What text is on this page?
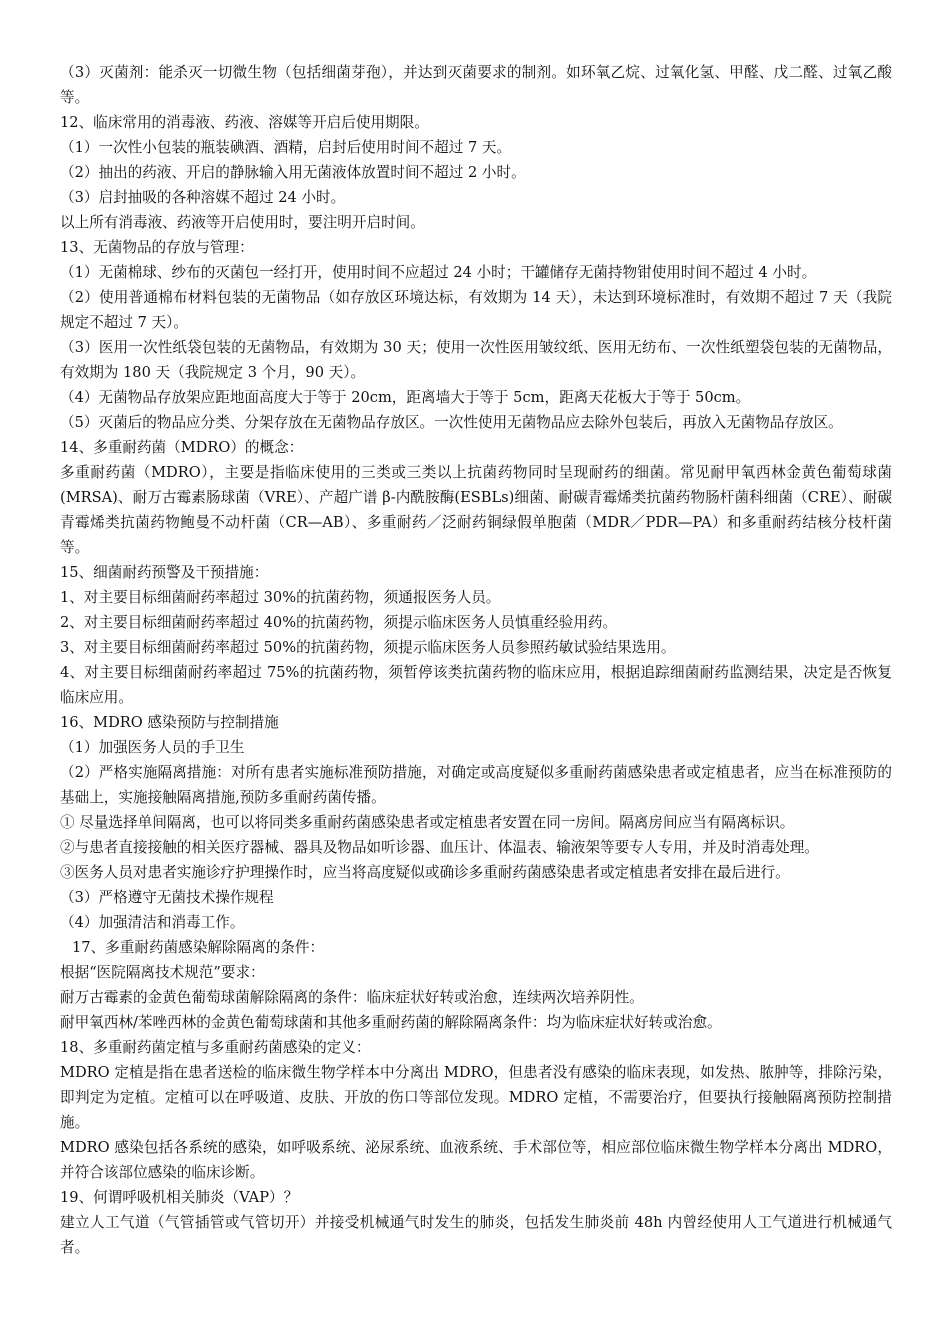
（3）灭菌剂：能杀灭一切微生物（包括细菌芽孢），并达到灭菌要求的制剂。如环氧乙烷、过氧化氢、甲醛、戊二醛、过氧乙酸等。

12、临床常用的消毒液、药液、溶媒等开启后使用期限。

（1）一次性小包装的瓶装碘酒、酒精，启封后使用时间不超过 7 天。

（2）抽出的药液、开启的静脉输入用无菌液体放置时间不超过 2 小时。

（3）启封抽吸的各种溶媒不超过 24 小时。

以上所有消毒液、药液等开启使用时，要注明开启时间。

13、无菌物品的存放与管理：

（1）无菌棉球、纱布的灭菌包一经打开，使用时间不应超过 24 小时；干罐储存无菌持物钳使用时间不超过 4 小时。

（2）使用普通棉布材料包装的无菌物品（如存放区环境达标，有效期为 14 天），未达到环境标准时，有效期不超过 7 天（我院规定不超过 7 天）。

（3）医用一次性纸袋包装的无菌物品，有效期为 30 天；使用一次性医用皱纹纸、医用无纺布、一次性纸塑袋包装的无菌物品，有效期为 180 天（我院规定 3 个月，90 天）。

（4）无菌物品存放架应距地面高度大于等于 20cm，距离墙大于等于 5cm，距离天花板大于等于 50cm。

（5）灭菌后的物品应分类、分架存放在无菌物品存放区。一次性使用无菌物品应去除外包装后，再放入无菌物品存放区。

14、多重耐药菌（MDRO）的概念：

多重耐药菌（MDRO），主要是指临床使用的三类或三类以上抗菌药物同时呈现耐药的细菌。常见耐甲氧西林金黄色葡萄球菌(MRSA)、耐万古霉素肠球菌（VRE）、产超广谱 β-内酰胺酶(ESBLs)细菌、耐碳青霉烯类抗菌药物肠杆菌科细菌（CRE）、耐碳青霉烯类抗菌药物鲍曼不动杆菌（CR—AB）、多重耐药／泛耐药铜绿假单胞菌（MDR／PDR—PA）和多重耐药结核分枝杆菌等。

15、细菌耐药预警及干预措施：

1、对主要目标细菌耐药率超过 30%的抗菌药物，须通报医务人员。

2、对主要目标细菌耐药率超过 40%的抗菌药物，须提示临床医务人员慎重经验用药。

3、对主要目标细菌耐药率超过 50%的抗菌药物，须提示临床医务人员参照药敏试验结果选用。

4、对主要目标细菌耐药率超过 75%的抗菌药物，须暂停该类抗菌药物的临床应用，根据追踪细菌耐药监测结果，决定是否恢复临床应用。

16、MDRO 感染预防与控制措施

（1）加强医务人员的手卫生

（2）严格实施隔离措施：对所有患者实施标准预防措施，对确定或高度疑似多重耐药菌感染患者或定植患者，应当在标准预防的基础上，实施接触隔离措施,预防多重耐药菌传播。

① 尽量选择单间隔离，也可以将同类多重耐药菌感染患者或定植患者安置在同一房间。隔离房间应当有隔离标识。

②与患者直接接触的相关医疗器械、器具及物品如听诊器、血压计、体温表、输液架等要专人专用，并及时消毒处理。

③医务人员对患者实施诊疗护理操作时，应当将高度疑似或确诊多重耐药菌感染患者或定植患者安排在最后进行。

（3）严格遵守无菌技术操作规程

（4）加强清洁和消毒工作。

17、多重耐药菌感染解除隔离的条件：

根据“医院隔离技术规范”要求：

耐万古霉素的金黄色葡萄球菌解除隔离的条件：临床症状好转或治愈，连续两次培养阴性。

耐甲氧西林/苯唑西林的金黄色葡萄球菌和其他多重耐药菌的解除隔离条件：均为临床症状好转或治愈。

18、多重耐药菌定植与多重耐药菌感染的定义：

MDRO 定植是指在患者送检的临床微生物学样本中分离出 MDRO，但患者没有感染的临床表现，如发热、脓肿等，排除污染，即判定为定植。定植可以在呼吸道、皮肤、开放的伤口等部位发现。MDRO 定植，不需要治疗，但要执行接触隔离预防控制措施。

MDRO 感染包括各系统的感染，如呼吸系统、泌尿系统、血液系统、手术部位等，相应部位临床微生物学样本分离出 MDRO，并符合该部位感染的临床诊断。

19、何谓呼吸机相关肺炎（VAP）？

建立人工气道（气管插管或气管切开）并接受机械通气时发生的肺炎，包括发生肺炎前 48h 内曾经使用人工气道进行机械通气者。
